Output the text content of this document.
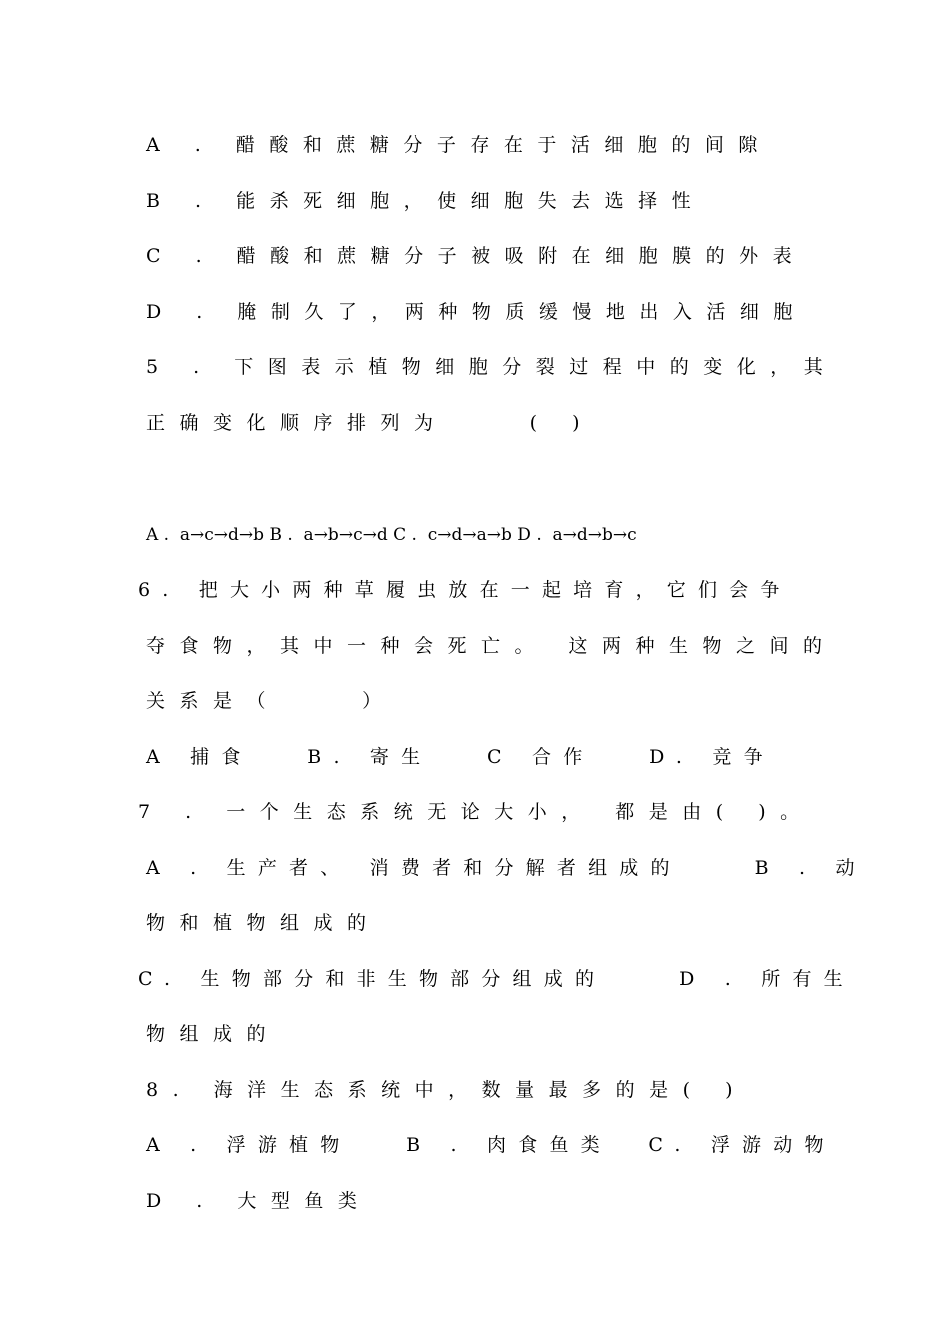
A . 醋酸和蔗糖分子存在于活细胞的间隙
B . 能杀死细胞，使细胞失去选择性
C . 醋酸和蔗糖分子被吸附在细胞膜的外表
D . 腌制久了，两种物质缓慢地出入活细胞
5 . 下图表示植物细胞分裂过程中的变化，其
正确变化顺序排列为    ( )
A .  a→c→d→b B .  a→b→c→d C .  c→d→a→b D .  a→d→b→c
6. 把大小两种草履虫放在一起培育，它们会争
夺食物，其中一种会死亡。 这两种生物之间的
关系是（    ）
A 捕食   B. 寄生   C 合作   D. 竞争
7 . 一个生态系统无论大小， 都是由( )。
A . 生产者、 消费者和分解者组成的    B . 动
物和植物组成的
C. 生物部分和非生物部分组成的    D . 所有生
物组成的
8. 海洋生态系统中，数量最多的是( )
A . 浮游植物   B . 肉食鱼类  C. 浮游动物
D . 大型鱼类
